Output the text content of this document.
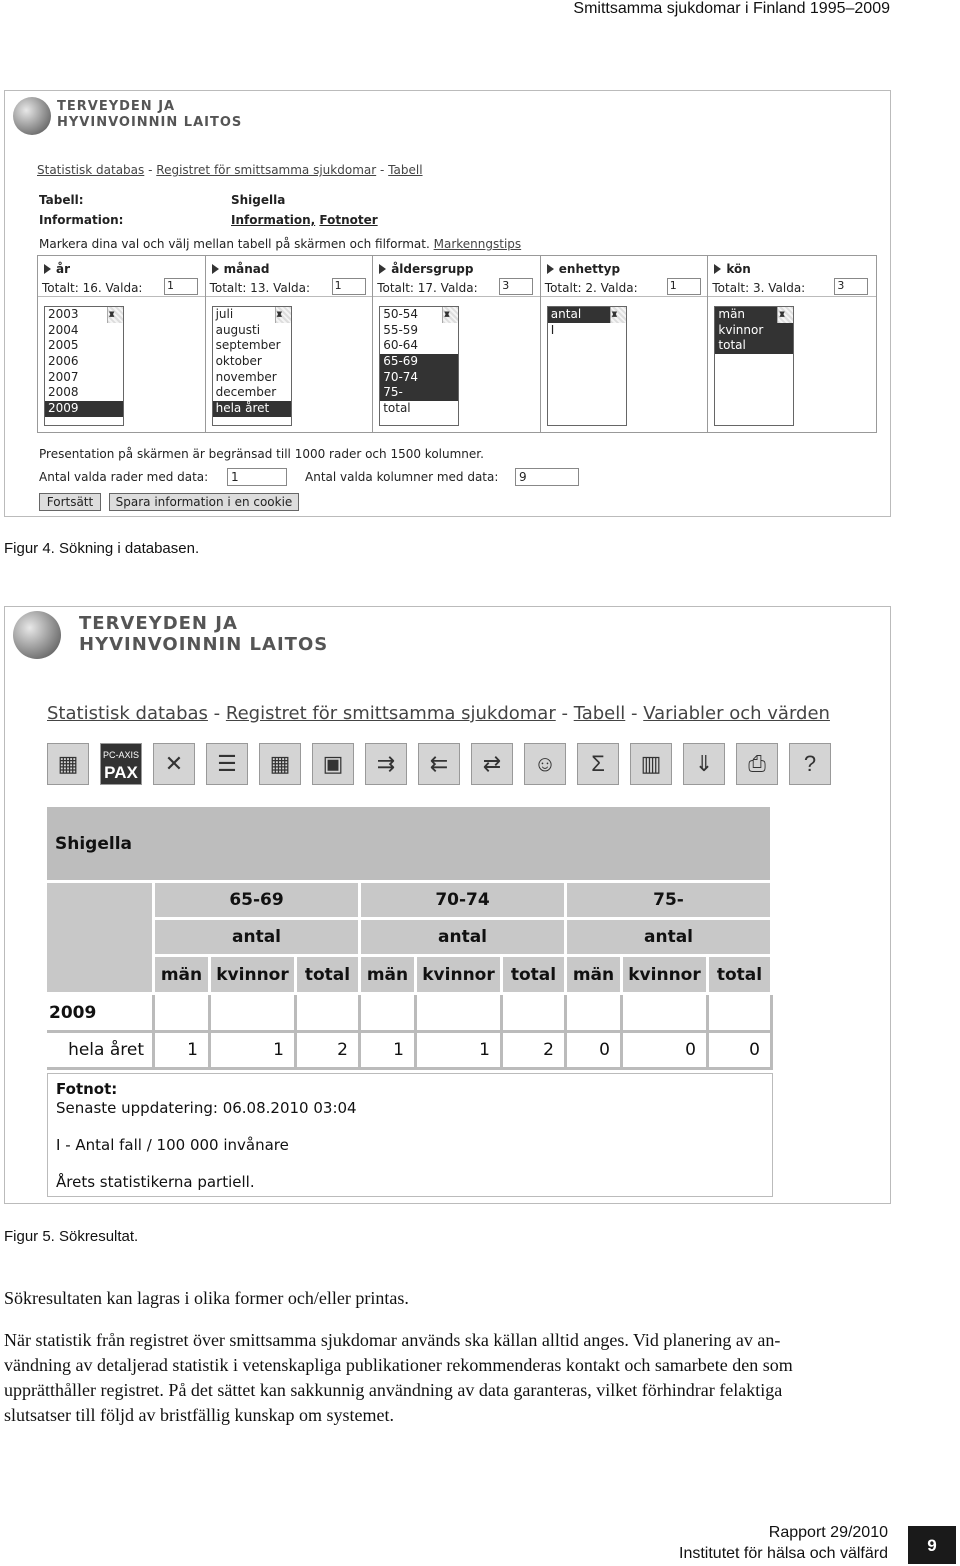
Smittsamma sjukdomar i Finland 1995–2009
TERVEYDEN JA
HYVINVOINNIN LAITOS
Statistisk databas - Registret för smittsamma sjukdomar - Tabell
Tabell:	Shigella
Information:	Information, Fotnoter
Markera dina val och välj mellan tabell på skärmen och filformat. Markenngstips
år
Totalt: 16. Valda: 1
2003
2004
2005
2006
2007
2008
2009
▲ ▼
månad
Totalt: 13. Valda: 1
juli
augusti
september
oktober
november
december
hela året
▲ ▼
åldersgrupp
Totalt: 17. Valda: 3
50-54
55-59
60-64
65-69
70-74
75-
total
▲ ▼
enhettyp
Totalt: 2. Valda:	1
antal
I
▲ ▼
kön
Totalt: 3. Valda:	3
män
kvinnor
total
▲ ▼
Presentation på skärmen är begränsad till 1000 rader och 1500 kolumner.
Antal valda rader med data:	1	Antal valda kolumner med data:	9
Fortsätt	Spara information i en cookie
Figur 4. Sökning i databasen.
TERVEYDEN JA
HYVINVOINNIN LAITOS
Statistisk databas - Registret för smittsamma sjukdomar - Tabell - Variabler och värden
▦	PC-AXIS
PAX	✕	☰	▦	▣	⇉	⇇	⇄	☺	Σ	▥	⇓	⎙	?
Shigella
65-69
antal
män kvinnor total
70-74
antal
män kvinnor total
75-
antal
män kvinnor total
2009
hela året	1	1	2	1	1	2	0	0	0
Fotnot:
Senaste uppdatering: 06.08.2010 03:04
I - Antal fall / 100 000 invånare
Årets statistikerna partiell.
Figur 5. Sökresultat.
Sökresultaten kan lagras i olika former och/eller printas.
När statistik från registret över smittsamma sjukdomar används ska källan alltid anges. Vid planering av an-
vändning av detaljerad statistik i vetenskapliga publikationer rekommenderas kontakt och samarbete den som
upprätthåller registret. På det sättet kan sakkunnig användning av data garanteras, vilket förhindrar felaktiga
slutsatser till följd av bristfällig kunskap om systemet.
Rapport 29/2010
Institutet för hälsa och välfärd	9
